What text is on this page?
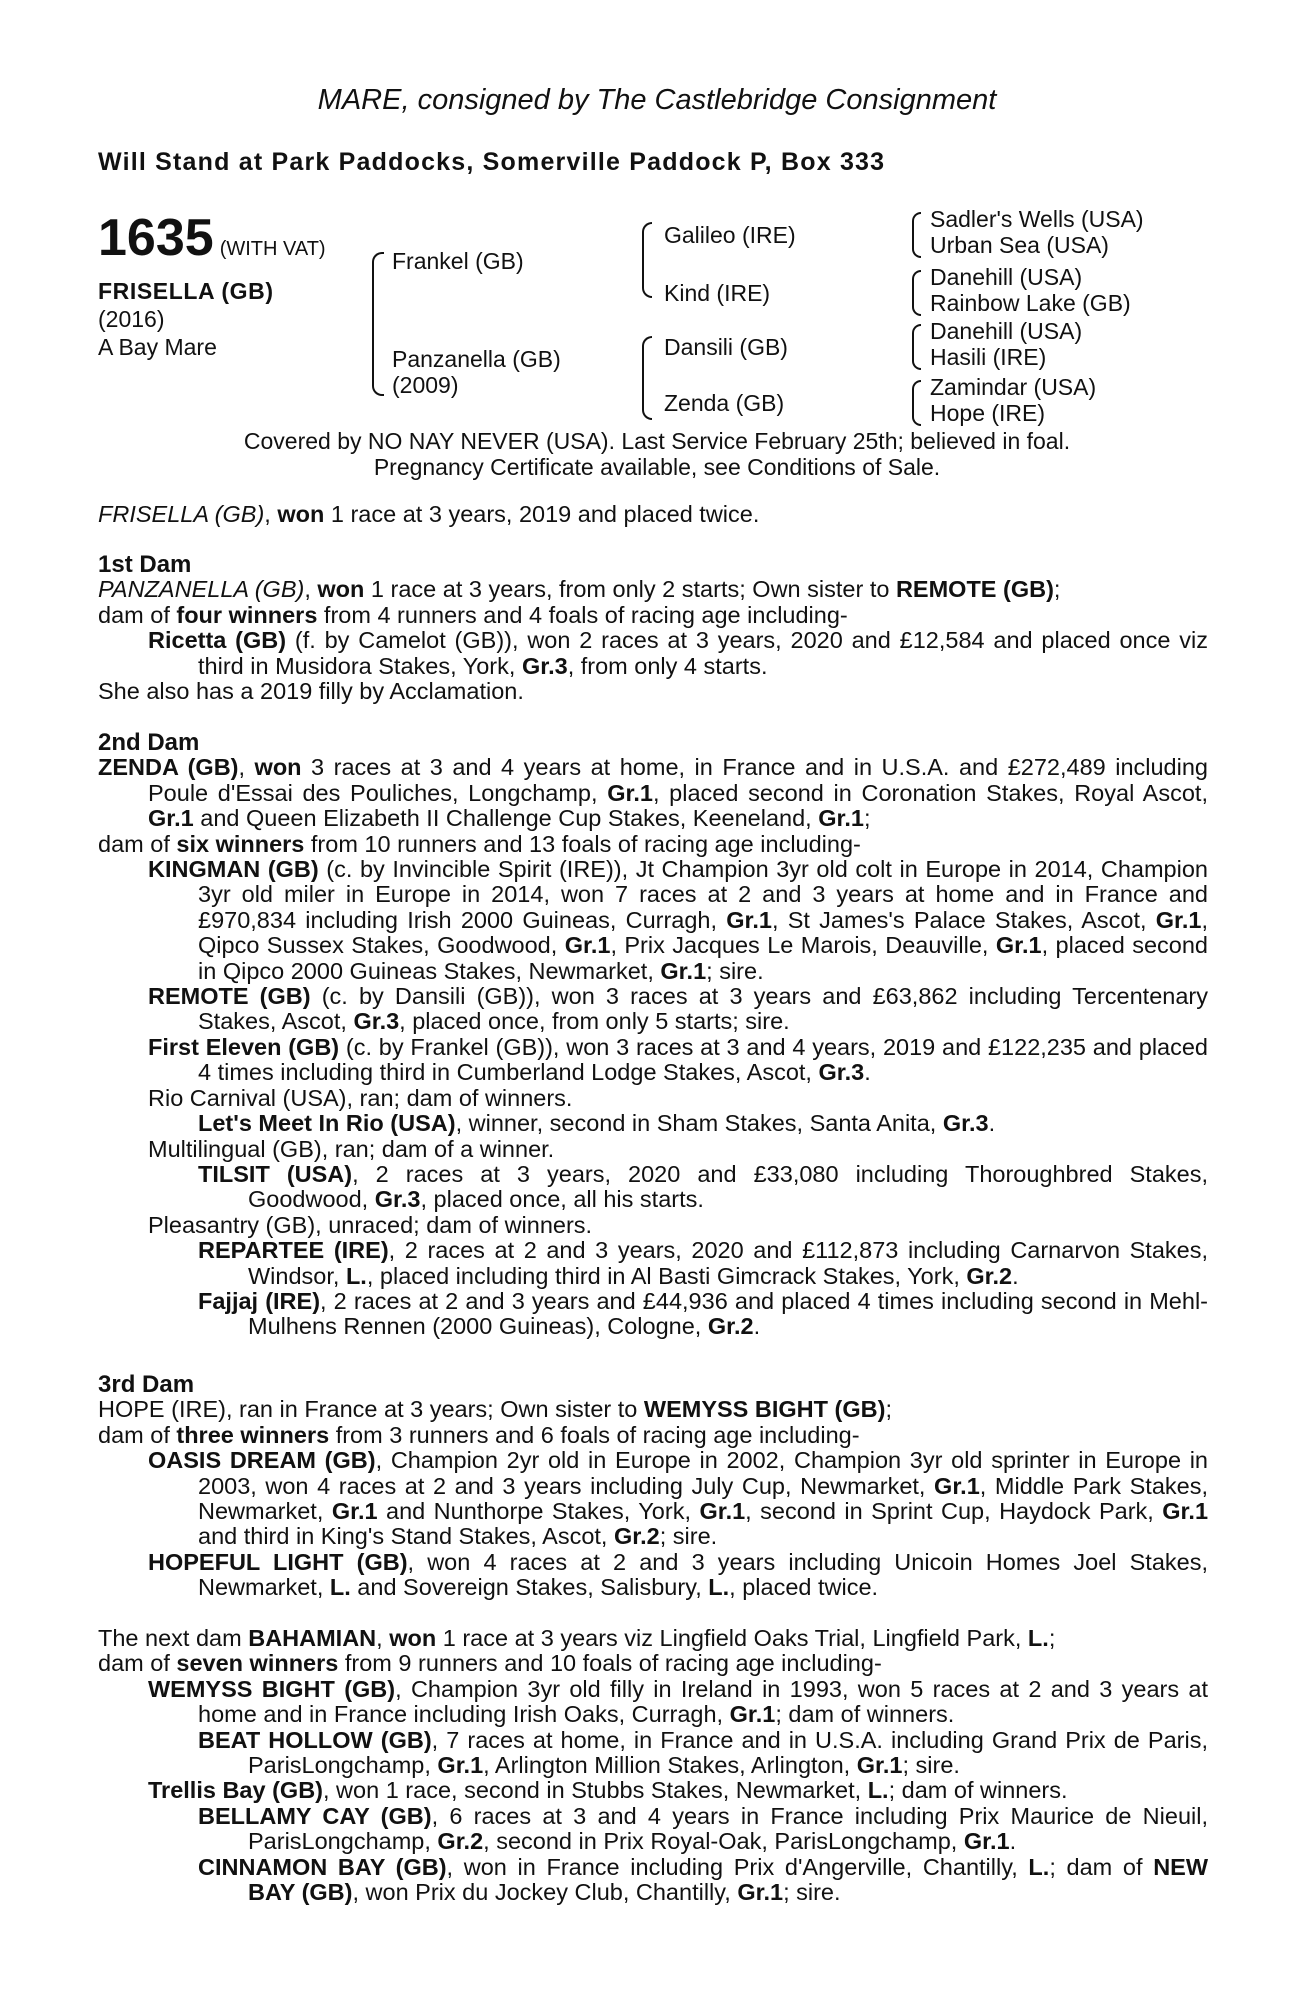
MARE, consigned by The Castlebridge Consignment
Will Stand at Park Paddocks, Somerville Paddock P, Box 333
1635 (WITH VAT)
FRISELLA (GB)
(2016)
A Bay Mare
Frankel (GB)
Panzanella (GB)
(2009)
Galileo (IRE)
Kind (IRE)
Dansili (GB)
Zenda (GB)
Sadler's Wells (USA)
Urban Sea (USA)
Danehill (USA)
Rainbow Lake (GB)
Danehill (USA)
Hasili (IRE)
Zamindar (USA)
Hope (IRE)
Covered by NO NAY NEVER (USA). Last Service February 25th; believed in foal.
Pregnancy Certificate available, see Conditions of Sale.

FRISELLA (GB), won 1 race at 3 years, 2019 and placed twice.

1st Dam

PANZANELLA (GB), won 1 race at 3 years, from only 2 starts; Own sister to REMOTE (GB);

dam of four winners from 4 runners and 4 foals of racing age including-

Ricetta (GB) (f. by Camelot (GB)), won 2 races at 3 years, 2020 and £12,584 and placed once viz third in Musidora Stakes, York, Gr.3, from only 4 starts.

She also has a 2019 filly by Acclamation.

2nd Dam

ZENDA (GB), won 3 races at 3 and 4 years at home, in France and in U.S.A. and £272,489 including Poule d'Essai des Pouliches, Longchamp, Gr.1, placed second in Coronation Stakes, Royal Ascot, Gr.1 and Queen Elizabeth II Challenge Cup Stakes, Keeneland, Gr.1;

dam of six winners from 10 runners and 13 foals of racing age including-

KINGMAN (GB) (c. by Invincible Spirit (IRE)), Jt Champion 3yr old colt in Europe in 2014, Champion 3yr old miler in Europe in 2014, won 7 races at 2 and 3 years at home and in France and £970,834 including Irish 2000 Guineas, Curragh, Gr.1, St James's Palace Stakes, Ascot, Gr.1, Qipco Sussex Stakes, Goodwood, Gr.1, Prix Jacques Le Marois, Deauville, Gr.1, placed second in Qipco 2000 Guineas Stakes, Newmarket, Gr.1; sire.

REMOTE (GB) (c. by Dansili (GB)), won 3 races at 3 years and £63,862 including Tercentenary Stakes, Ascot, Gr.3, placed once, from only 5 starts; sire.

First Eleven (GB) (c. by Frankel (GB)), won 3 races at 3 and 4 years, 2019 and £122,235 and placed 4 times including third in Cumberland Lodge Stakes, Ascot, Gr.3.

Rio Carnival (USA), ran; dam of winners.

Let's Meet In Rio (USA), winner, second in Sham Stakes, Santa Anita, Gr.3.

Multilingual (GB), ran; dam of a winner.

TILSIT (USA), 2 races at 3 years, 2020 and £33,080 including Thoroughbred Stakes, Goodwood, Gr.3, placed once, all his starts.

Pleasantry (GB), unraced; dam of winners.

REPARTEE (IRE), 2 races at 2 and 3 years, 2020 and £112,873 including Carnarvon Stakes, Windsor, L., placed including third in Al Basti Gimcrack Stakes, York, Gr.2.

Fajjaj (IRE), 2 races at 2 and 3 years and £44,936 and placed 4 times including second in Mehl-Mulhens Rennen (2000 Guineas), Cologne, Gr.2.

3rd Dam

HOPE (IRE), ran in France at 3 years; Own sister to WEMYSS BIGHT (GB);

dam of three winners from 3 runners and 6 foals of racing age including-

OASIS DREAM (GB), Champion 2yr old in Europe in 2002, Champion 3yr old sprinter in Europe in 2003, won 4 races at 2 and 3 years including July Cup, Newmarket, Gr.1, Middle Park Stakes, Newmarket, Gr.1 and Nunthorpe Stakes, York, Gr.1, second in Sprint Cup, Haydock Park, Gr.1 and third in King's Stand Stakes, Ascot, Gr.2; sire.

HOPEFUL LIGHT (GB), won 4 races at 2 and 3 years including Unicoin Homes Joel Stakes, Newmarket, L. and Sovereign Stakes, Salisbury, L., placed twice.

The next dam BAHAMIAN, won 1 race at 3 years viz Lingfield Oaks Trial, Lingfield Park, L.;

dam of seven winners from 9 runners and 10 foals of racing age including-

WEMYSS BIGHT (GB), Champion 3yr old filly in Ireland in 1993, won 5 races at 2 and 3 years at home and in France including Irish Oaks, Curragh, Gr.1; dam of winners.

BEAT HOLLOW (GB), 7 races at home, in France and in U.S.A. including Grand Prix de Paris, ParisLongchamp, Gr.1, Arlington Million Stakes, Arlington, Gr.1; sire.

Trellis Bay (GB), won 1 race, second in Stubbs Stakes, Newmarket, L.; dam of winners.

BELLAMY CAY (GB), 6 races at 3 and 4 years in France including Prix Maurice de Nieuil, ParisLongchamp, Gr.2, second in Prix Royal-Oak, ParisLongchamp, Gr.1.

CINNAMON BAY (GB), won in France including Prix d'Angerville, Chantilly, L.; dam of NEW BAY (GB), won Prix du Jockey Club, Chantilly, Gr.1; sire.
